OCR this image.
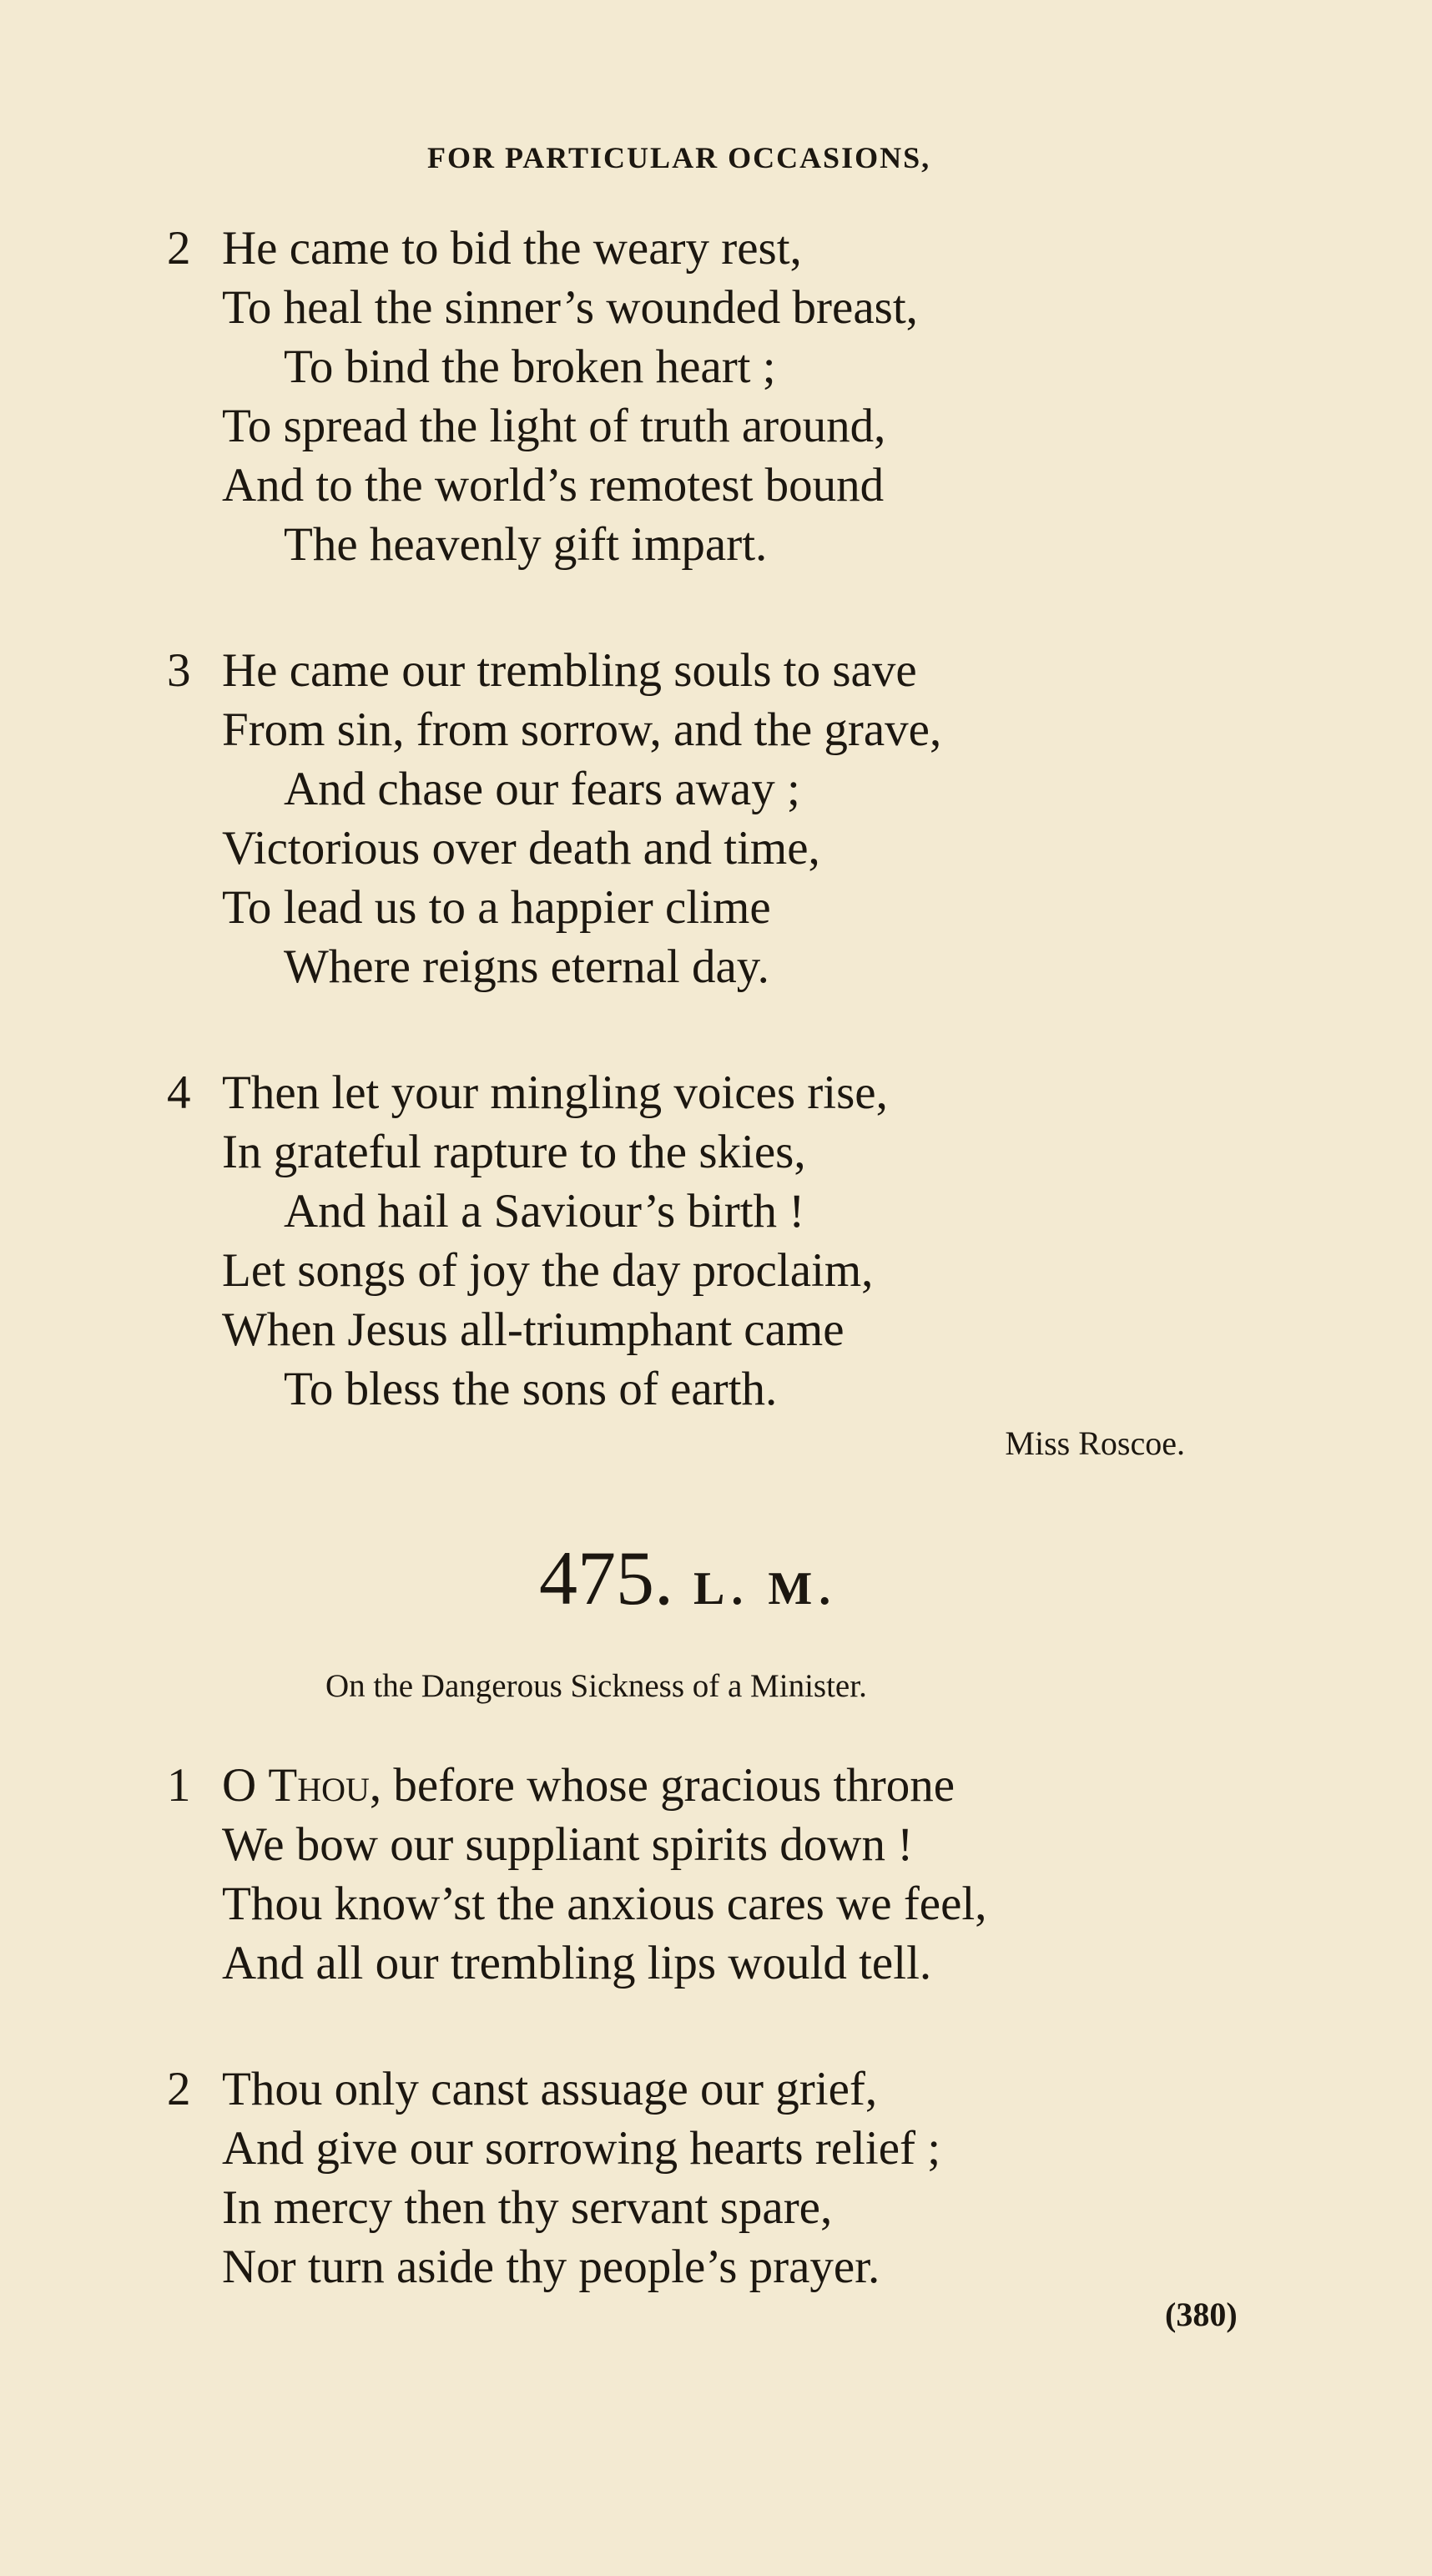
FOR PARTICULAR OCCASIONS,
2 He came to bid the weary rest,
To heal the sinner’s wounded breast,
To bind the broken heart ;
To spread the light of truth around,
And to the world’s remotest bound
The heavenly gift impart.
3 He came our trembling souls to save
From sin, from sorrow, and the grave,
And chase our fears away ;
Victorious over death and time,
To lead us to a happier clime
Where reigns eternal day.
4 Then let your mingling voices rise,
In grateful rapture to the skies,
And hail a Saviour’s birth !
Let songs of joy the day proclaim,
When Jesus all-triumphant came
To bless the sons of earth.
Miss Roscoe.
475. L. M.
On the Dangerous Sickness of a Minister.
1 O Thou, before whose gracious throne
We bow our suppliant spirits down !
Thou know’st the anxious cares we feel,
And all our trembling lips would tell.
2 Thou only canst assuage our grief,
And give our sorrowing hearts relief ;
In mercy then thy servant spare,
Nor turn aside thy people’s prayer.
(380)
